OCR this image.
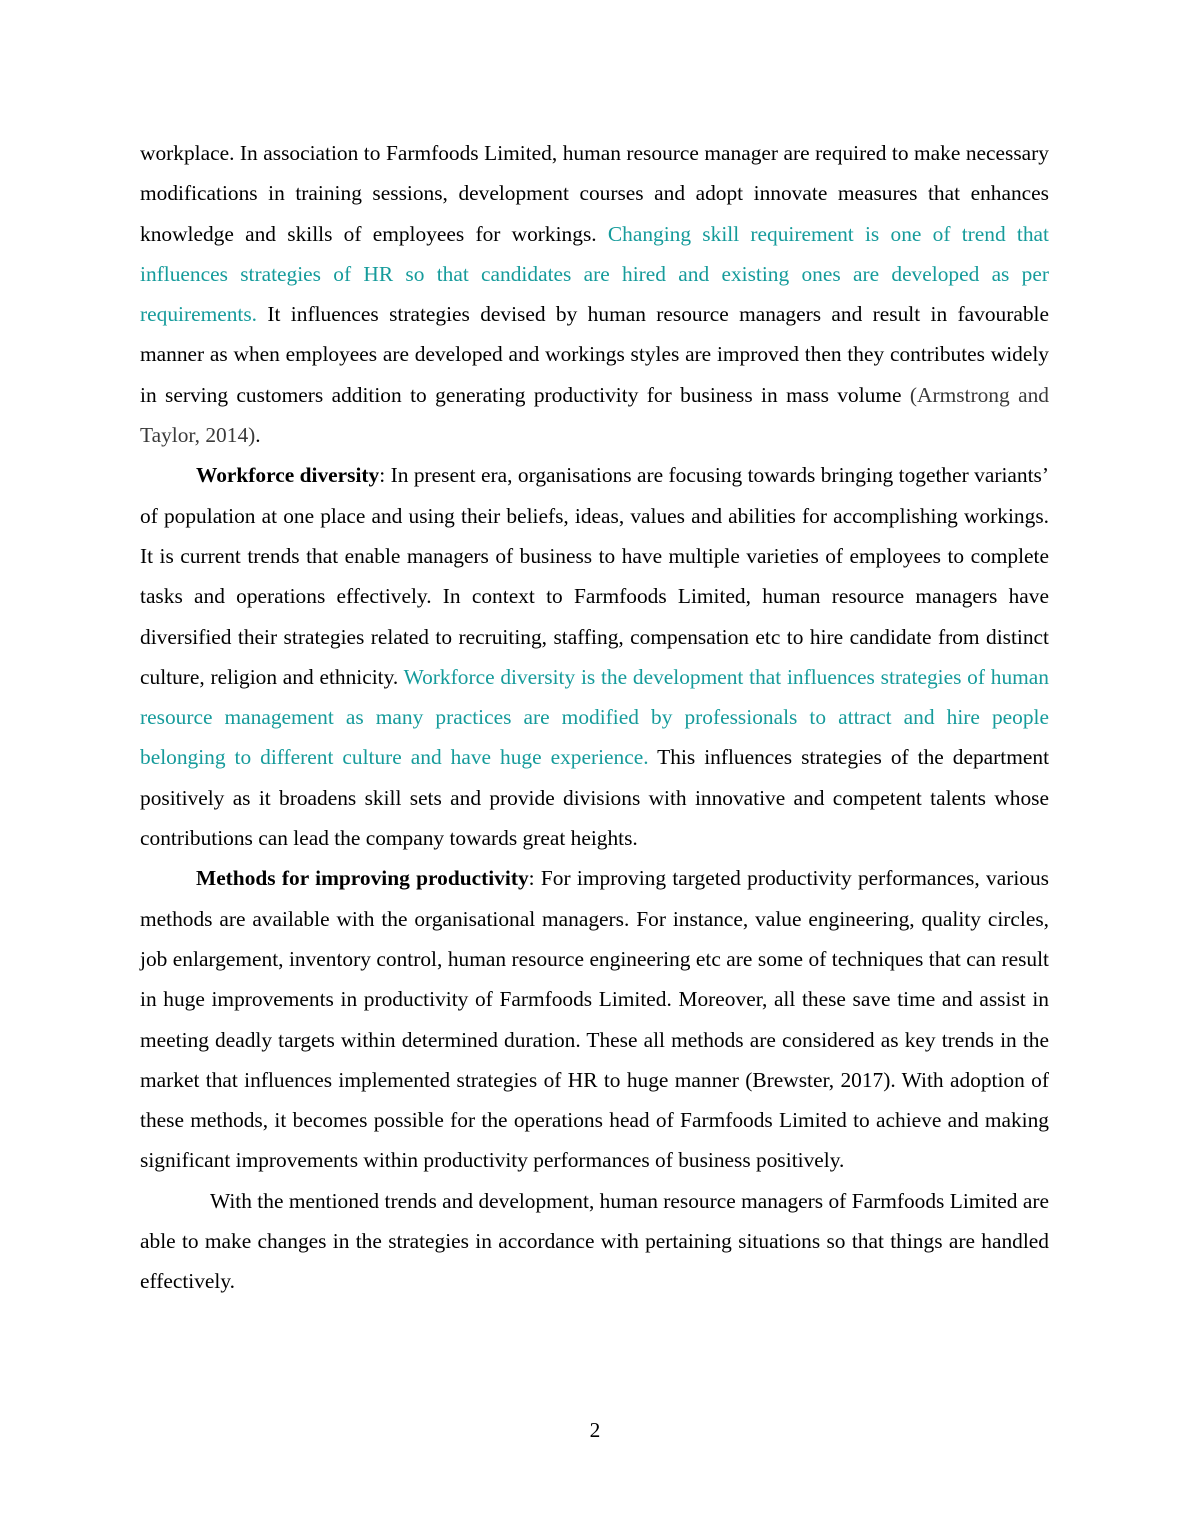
workplace. In association to Farmfoods Limited, human resource manager are required to make necessary modifications in training sessions, development courses and adopt innovate measures that enhances knowledge and skills of employees for workings. Changing skill requirement is one of trend that influences strategies of HR so that candidates are hired and existing ones are developed as per requirements. It influences strategies devised by human resource managers and result in favourable manner as when employees are developed and workings styles are improved then they contributes widely in serving customers addition to generating productivity for business in mass volume (Armstrong and Taylor, 2014).

Workforce diversity: In present era, organisations are focusing towards bringing together variants’ of population at one place and using their beliefs, ideas, values and abilities for accomplishing workings. It is current trends that enable managers of business to have multiple varieties of employees to complete tasks and operations effectively. In context to Farmfoods Limited, human resource managers have diversified their strategies related to recruiting, staffing, compensation etc to hire candidate from distinct culture, religion and ethnicity. Workforce diversity is the development that influences strategies of human resource management as many practices are modified by professionals to attract and hire people belonging to different culture and have huge experience. This influences strategies of the department positively as it broadens skill sets and provide divisions with innovative and competent talents whose contributions can lead the company towards great heights.

Methods for improving productivity: For improving targeted productivity performances, various methods are available with the organisational managers. For instance, value engineering, quality circles, job enlargement, inventory control, human resource engineering etc are some of techniques that can result in huge improvements in productivity of Farmfoods Limited. Moreover, all these save time and assist in meeting deadly targets within determined duration. These all methods are considered as key trends in the market that influences implemented strategies of HR to huge manner (Brewster, 2017). With adoption of these methods, it becomes possible for the operations head of Farmfoods Limited to achieve and making significant improvements within productivity performances of business positively.

With the mentioned trends and development, human resource managers of Farmfoods Limited are able to make changes in the strategies in accordance with pertaining situations so that things are handled effectively.

2
